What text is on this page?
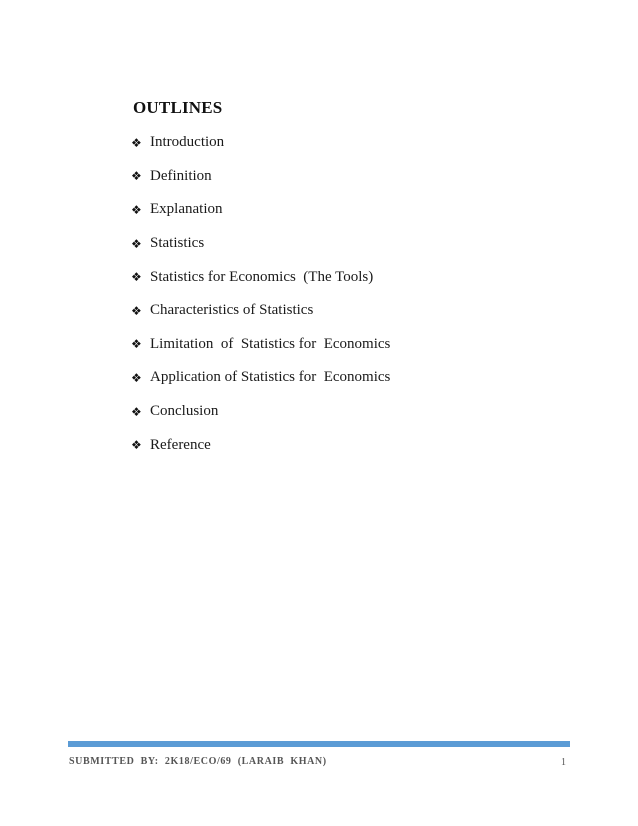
OUTLINES
❖ Introduction
❖ Definition
❖ Explanation
❖ Statistics
❖ Statistics for Economics  (The Tools)
❖ Characteristics of Statistics
❖ Limitation  of  Statistics for  Economics
❖ Application of Statistics for  Economics
❖ Conclusion
❖ Reference
SUBMITTED  BY:  2K18/ECO/69  (LARAIB  KHAN)	1
